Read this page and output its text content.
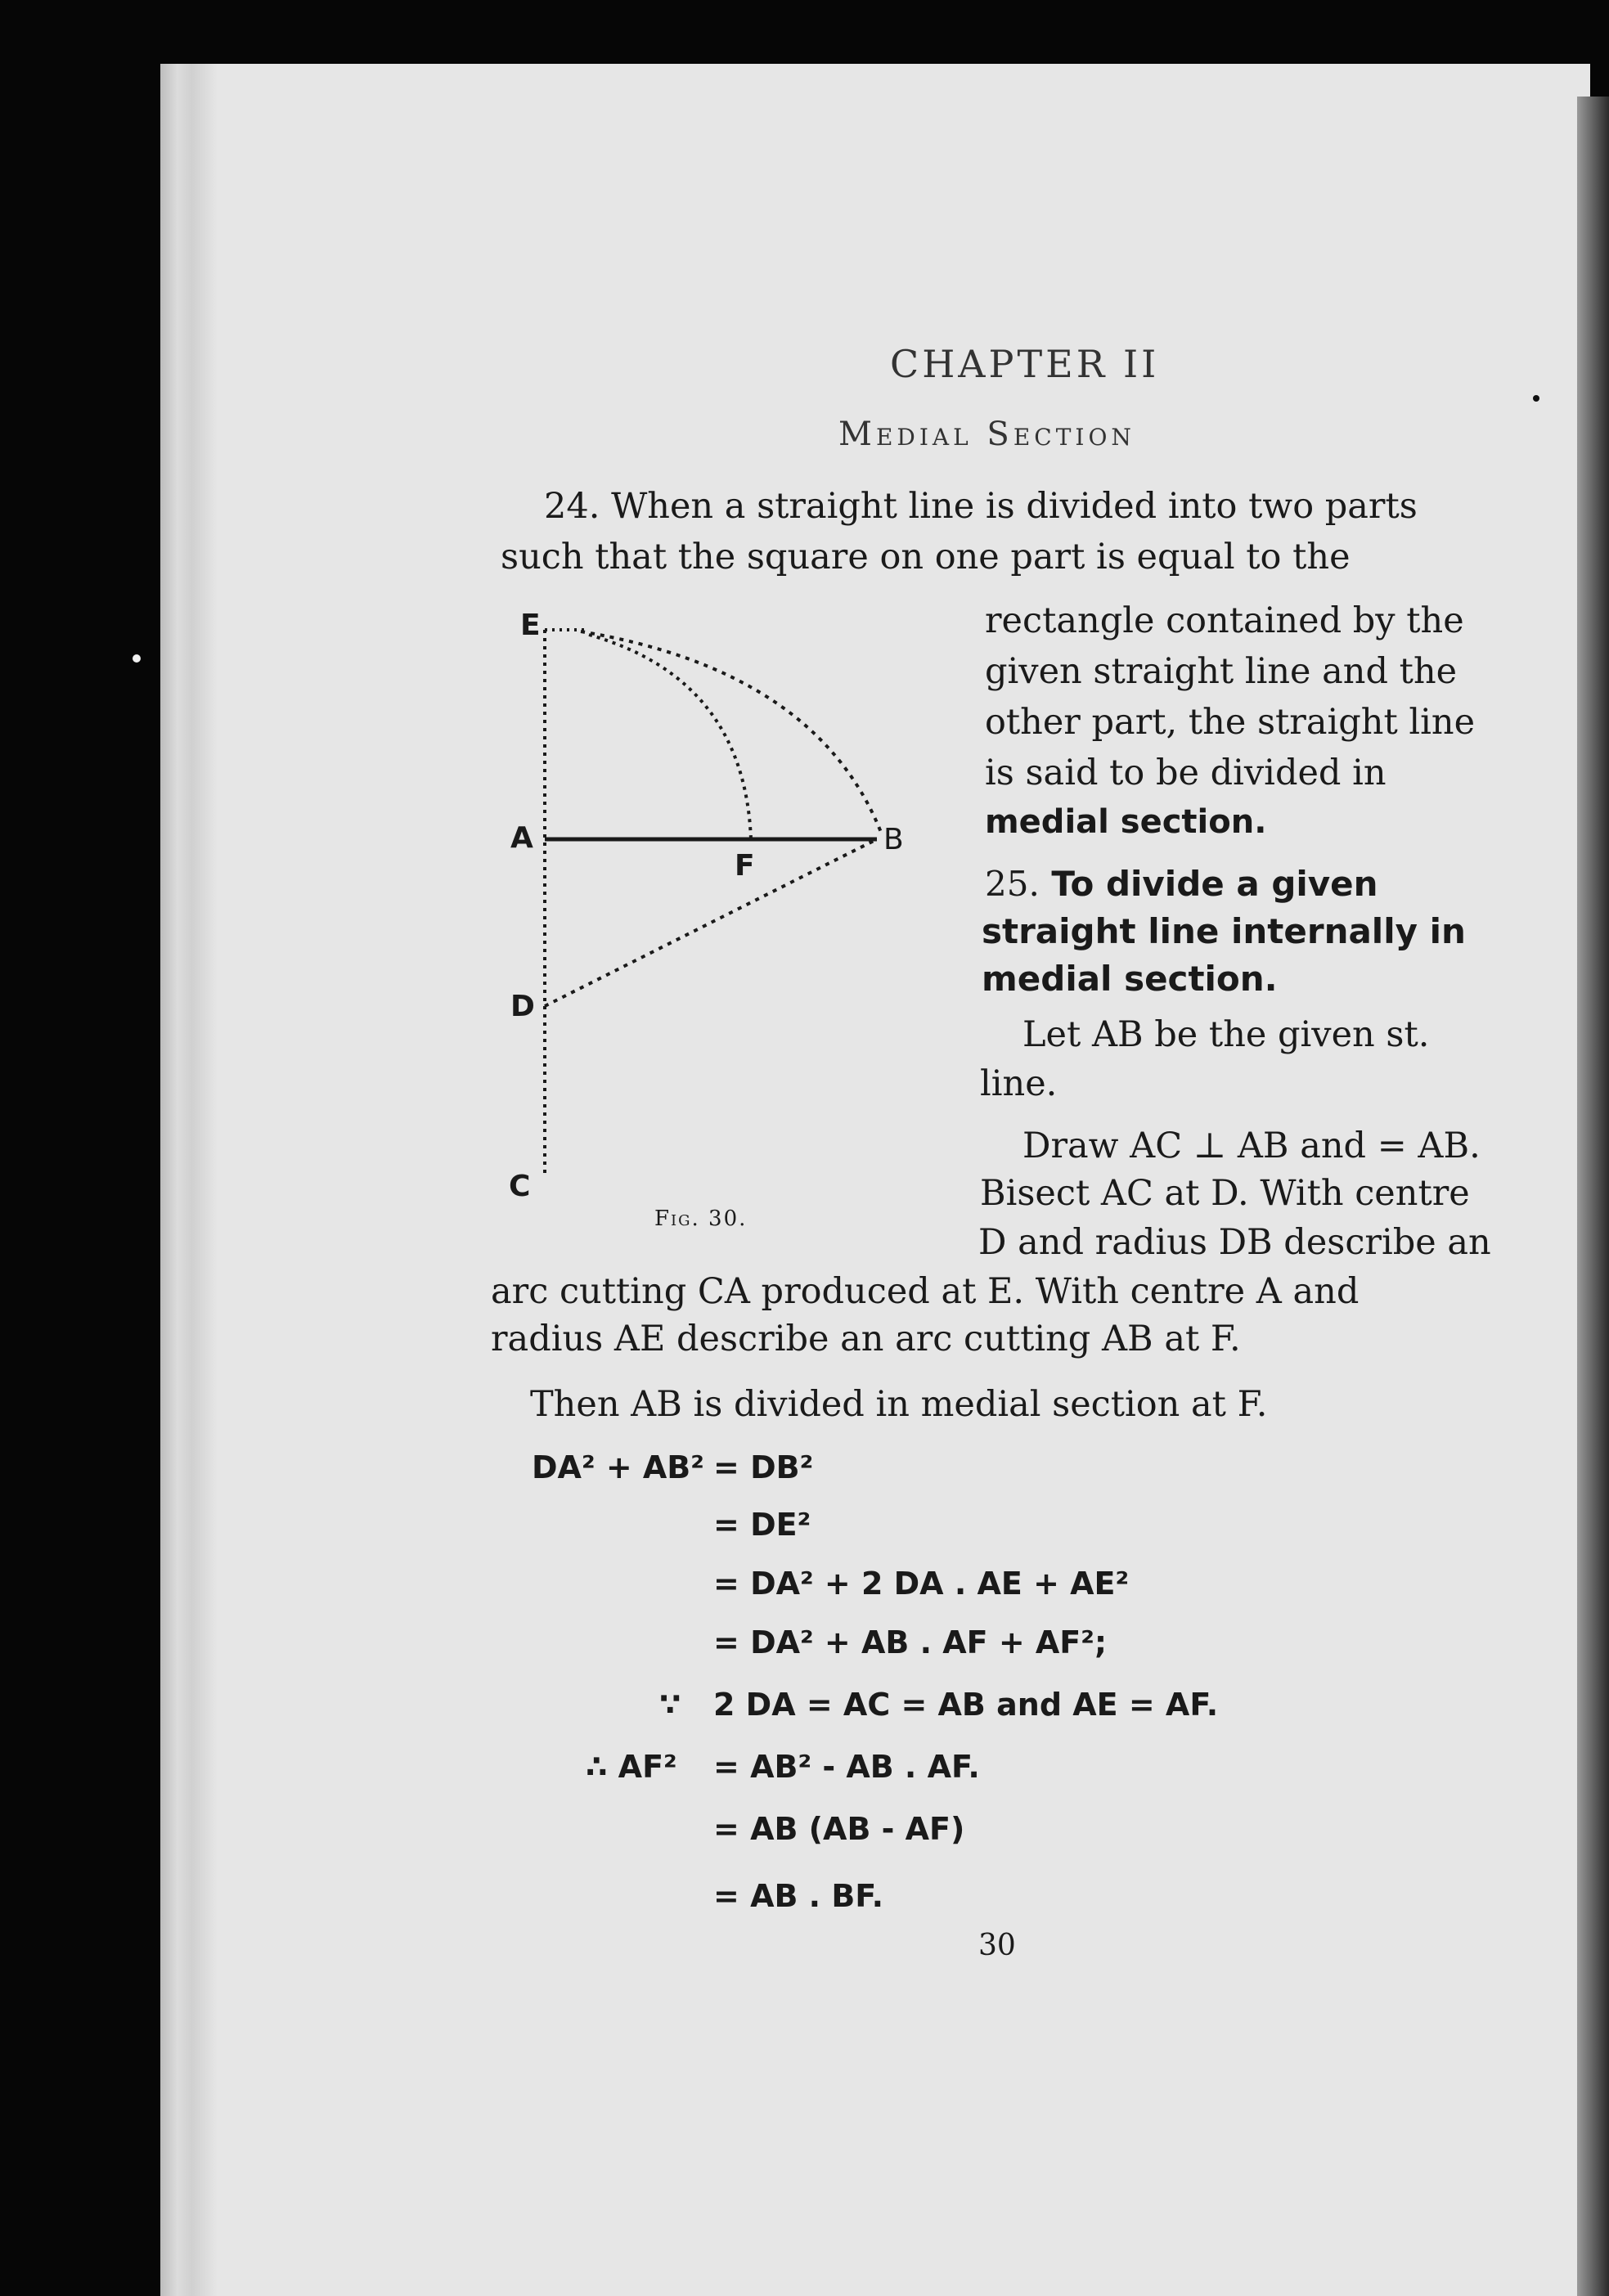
CHAPTER II
Medial Section
24. When a straight line is divided into two parts
such that the square on one part is equal to the
rectangle contained by the
given straight line and the
other part, the straight line
is said to be divided in
medial section.
25. To divide a given
straight line internally in
medial section.
Let AB be the given st.
line.
Draw AC ⊥ AB and = AB.
Bisect AC at D. With centre
D and radius DB describe an
arc cutting CA produced at E. With centre A and
radius AE describe an arc cutting AB at F.
Then AB is divided in medial section at F.
E
A
F
B
D
C
Fig. 30.
DA² + AB² = DB²
= DE²
= DA² + 2 DA . AE + AE²
= DA² + AB . AF + AF²;
∵ 2 DA = AC = AB and AE = AF.
∴ AF² = AB² - AB . AF.
= AB (AB - AF)
= AB . BF.
30
